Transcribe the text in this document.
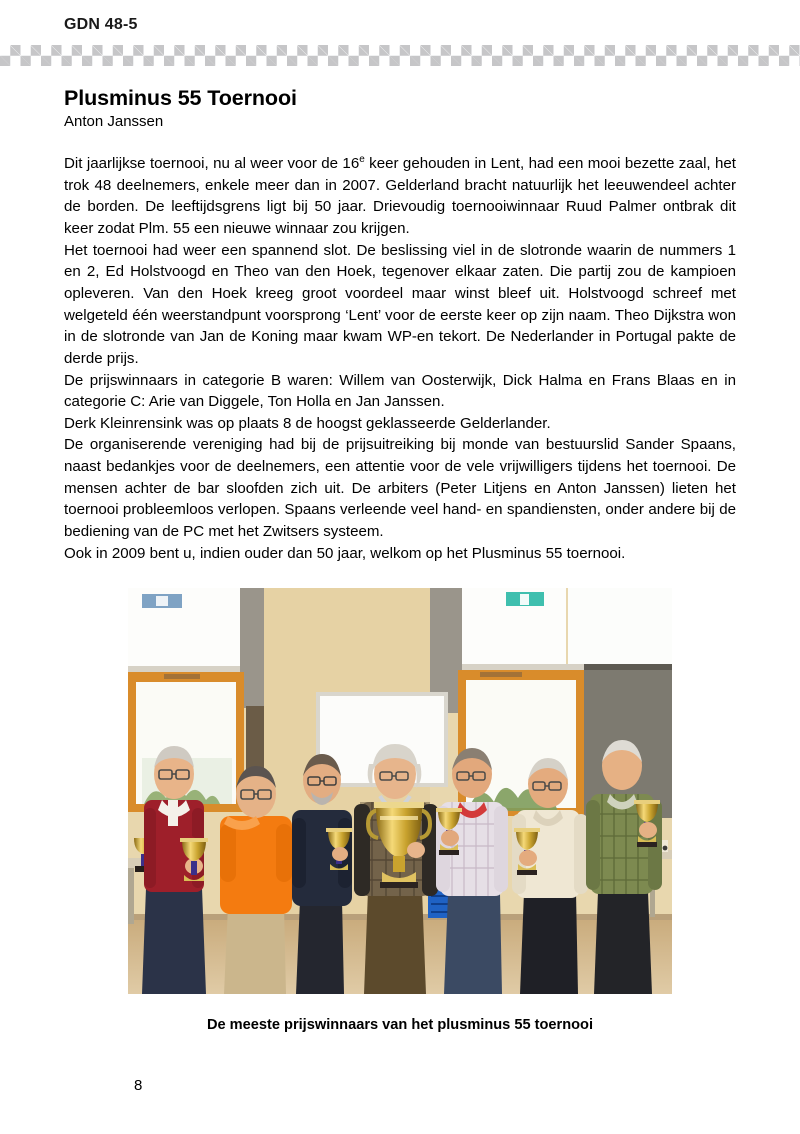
GDN 48-5
Plusminus 55 Toernooi

Anton Janssen

Dit jaarlijkse toernooi, nu al weer voor de 16e keer gehouden in Lent, had een mooi bezette zaal, het trok 48 deelnemers, enkele meer dan in 2007. Gelderland bracht natuurlijk het leeuwendeel achter de borden. De leeftijdsgrens ligt bij 50 jaar. Drievoudig toernooiwinnaar Ruud Palmer ontbrak dit keer zodat Plm. 55 een nieuwe winnaar zou krijgen.

Het toernooi had weer een spannend slot. De beslissing viel in de slotronde waarin de nummers 1 en 2, Ed Holstvoogd en Theo van den Hoek, tegenover elkaar zaten. Die partij zou de kampioen opleveren. Van den Hoek kreeg groot voordeel maar winst bleef uit. Holstvoogd schreef met welgeteld één weerstandpunt voorsprong ‘Lent’ voor de eerste keer op zijn naam. Theo Dijkstra won in de slotronde van Jan de Koning maar kwam WP-en tekort. De Nederlander in Portugal pakte de derde prijs.

De prijswinnaars in categorie B waren: Willem van Oosterwijk, Dick Halma en Frans Blaas en in categorie C: Arie van Diggele, Ton Holla en Jan Janssen.

Derk Kleinrensink was op plaats 8 de hoogst geklasseerde Gelderlander.

De organiserende vereniging had bij de prijsuitreiking bij monde van bestuurslid Sander Spaans, naast bedankjes voor de deelnemers, een attentie voor de vele vrijwilligers tijdens het toernooi. De mensen achter de bar sloofden zich uit. De arbiters (Peter Litjens en Anton Janssen) lieten het toernooi probleemloos verlopen. Spaans verleende veel hand- en spandiensten, onder andere bij de bediening van de PC met het Zwitsers systeem.

Ook in 2009 bent u, indien ouder dan 50 jaar, welkom op het Plusminus 55 toernooi.

De meeste prijswinnaars van het plusminus 55 toernooi
8
